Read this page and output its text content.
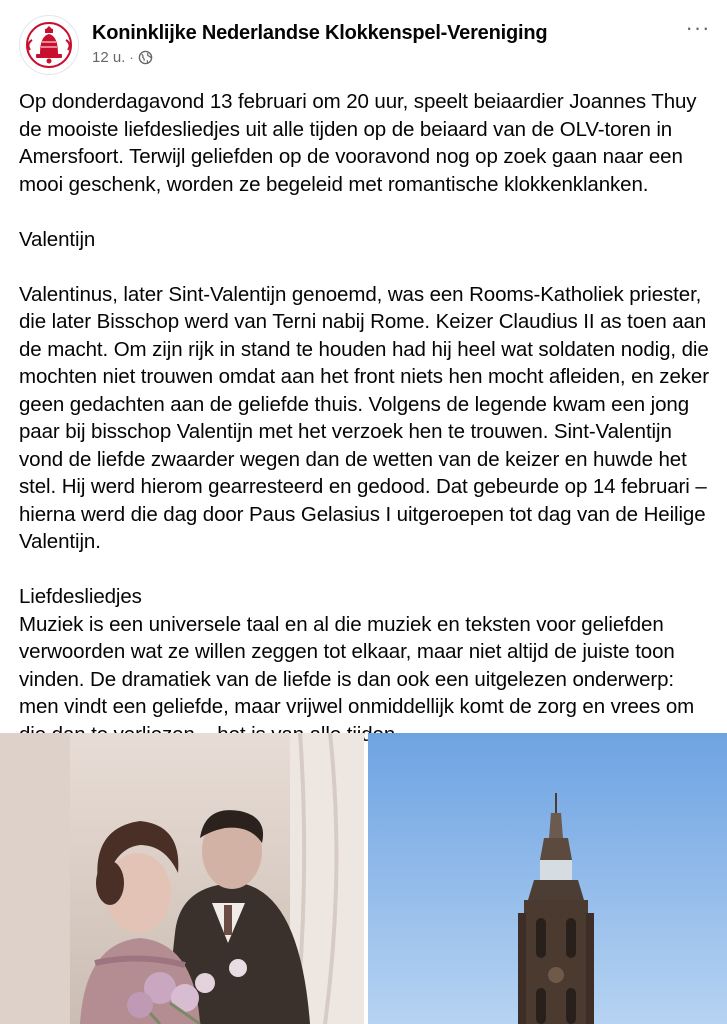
Koninklijke Nederlandse Klokkenspel-Vereniging
12 u. ·
···
Op donderdagavond 13 februari om 20 uur, speelt beiaardier Joannes Thuy de mooiste liefdesliedjes uit alle tijden op de beiaard van de OLV-toren in Amersfoort. Terwijl geliefden op de vooravond nog op zoek gaan naar een mooi geschenk, worden ze begeleid met romantische klokkenklanken.

Valentijn

Valentinus, later Sint-Valentijn genoemd, was een Rooms-Katholiek priester, die later Bisschop werd van Terni nabij Rome. Keizer Claudius II as toen aan de macht. Om zijn rijk in stand te houden had hij heel wat soldaten nodig, die mochten niet trouwen omdat aan het front niets hen mocht afleiden, en zeker geen gedachten aan de geliefde thuis. Volgens de legende kwam een jong paar bij bisschop Valentijn met het verzoek hen te trouwen. Sint-Valentijn vond de liefde zwaarder wegen dan de wetten van de keizer en huwde het stel. Hij werd hierom gearresteerd en gedood. Dat gebeurde op 14 februari – hierna werd die dag door Paus Gelasius I uitgeroepen tot dag van de Heilige Valentijn.

Liefdesliedjes
Muziek is een universele taal en al die muziek en teksten voor geliefden verwoorden wat ze willen zeggen tot elkaar, maar niet altijd de juiste toon vinden. De dramatiek van de liefde is dan ook een uitgelezen onderwerp: men vindt een geliefde, maar vrijwel onmiddellijk komt de zorg en vrees om
